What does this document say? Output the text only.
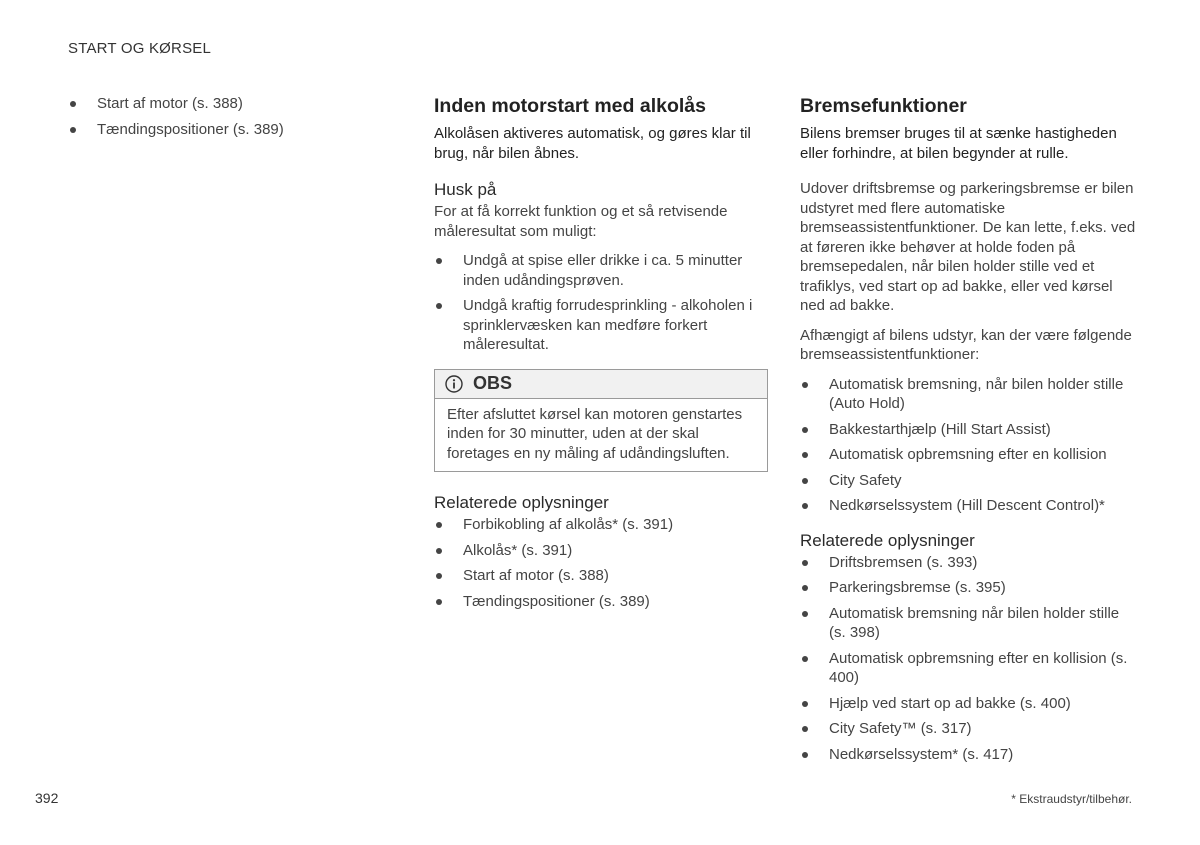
START OG KØRSEL
Start af motor (s. 388)
Tændingspositioner (s. 389)
Inden motorstart med alkolås

Alkolåsen aktiveres automatisk, og gøres klar til brug, når bilen åbnes.

Husk på

For at få korrekt funktion og et så retvisende måleresultat som muligt:

Undgå at spise eller drikke i ca. 5 minutter inden udåndingsprøven.
Undgå kraftig forrudesprinkling - alkoholen i sprinklervæsken kan medføre forkert måleresultat.
OBS
Efter afsluttet kørsel kan motoren genstartes inden for 30 minutter, uden at der skal foretages en ny måling af udåndingsluften.
Relaterede oplysninger
Forbikobling af alkolås* (s. 391)
Alkolås* (s. 391)
Start af motor (s. 388)
Tændingspositioner (s. 389)
Bremsefunktioner

Bilens bremser bruges til at sænke hastigheden eller forhindre, at bilen begynder at rulle.

Udover driftsbremse og parkeringsbremse er bilen udstyret med flere automatiske bremseassistentfunktioner. De kan lette, f.eks. ved at føreren ikke behøver at holde foden på bremsepedalen, når bilen holder stille ved et trafiklys, ved start op ad bakke, eller ved kørsel ned ad bakke.

Afhængigt af bilens udstyr, kan der være følgende bremseassistentfunktioner:

Automatisk bremsning, når bilen holder stille (Auto Hold)
Bakkestarthjælp (Hill Start Assist)
Automatisk opbremsning efter en kollision
City Safety
Nedkørselssystem (Hill Descent Control)*
Relaterede oplysninger
Driftsbremsen (s. 393)
Parkeringsbremse (s. 395)
Automatisk bremsning når bilen holder stille (s. 398)
Automatisk opbremsning efter en kollision (s. 400)
Hjælp ved start op ad bakke (s. 400)
City Safety™ (s. 317)
Nedkørselssystem* (s. 417)
392	* Ekstraudstyr/tilbehør.
